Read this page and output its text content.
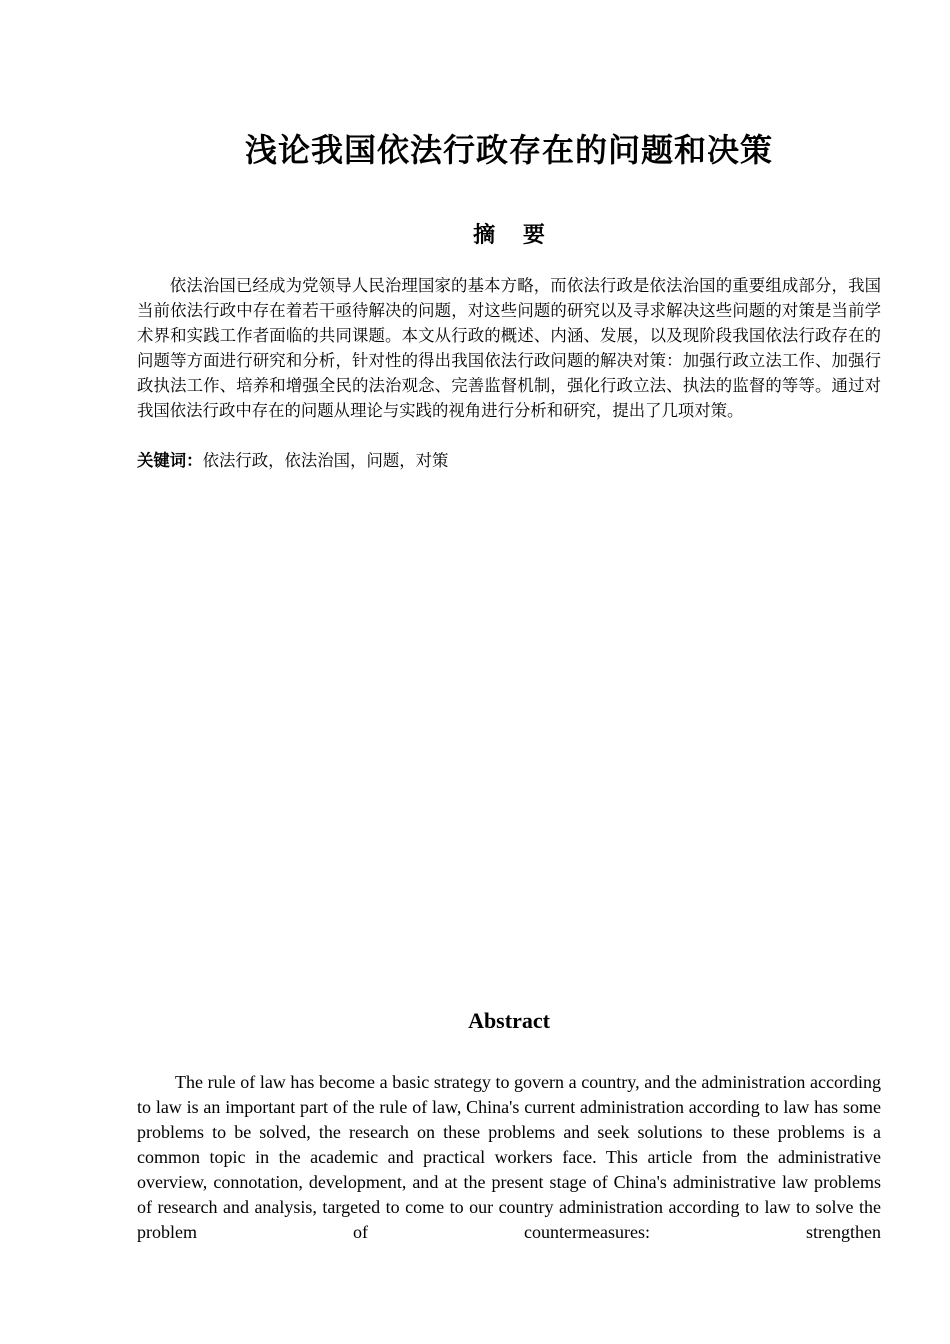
浅论我国依法行政存在的问题和决策
摘 要

依法治国已经成为党领导人民治理国家的基本方略，而依法行政是依法治国的重要组成部分，我国当前依法行政中存在着若干亟待解决的问题，对这些问题的研究以及寻求解决这些问题的对策是当前学术界和实践工作者面临的共同课题。本文从行政的概述、内涵、发展，以及现阶段我国依法行政存在的问题等方面进行研究和分析，针对性的得出我国依法行政问题的解决对策：加强行政立法工作、加强行政执法工作、培养和增强全民的法治观念、完善监督机制，强化行政立法、执法的监督的等等。通过对我国依法行政中存在的问题从理论与实践的视角进行分析和研究，提出了几项对策。

关键词：依法行政，依法治国，问题，对策

Abstract

The rule of law has become a basic strategy to govern a country, and the administration according to law is an important part of the rule of law, China's current administration according to law has some problems to be solved, the research on these problems and seek solutions to these problems is a common topic in the academic and practical workers face. This article from the administrative overview, connotation, development, and at the present stage of China's administrative law problems of research and analysis, targeted to come to our country administration according to law to solve the problem of countermeasures: strengthen
